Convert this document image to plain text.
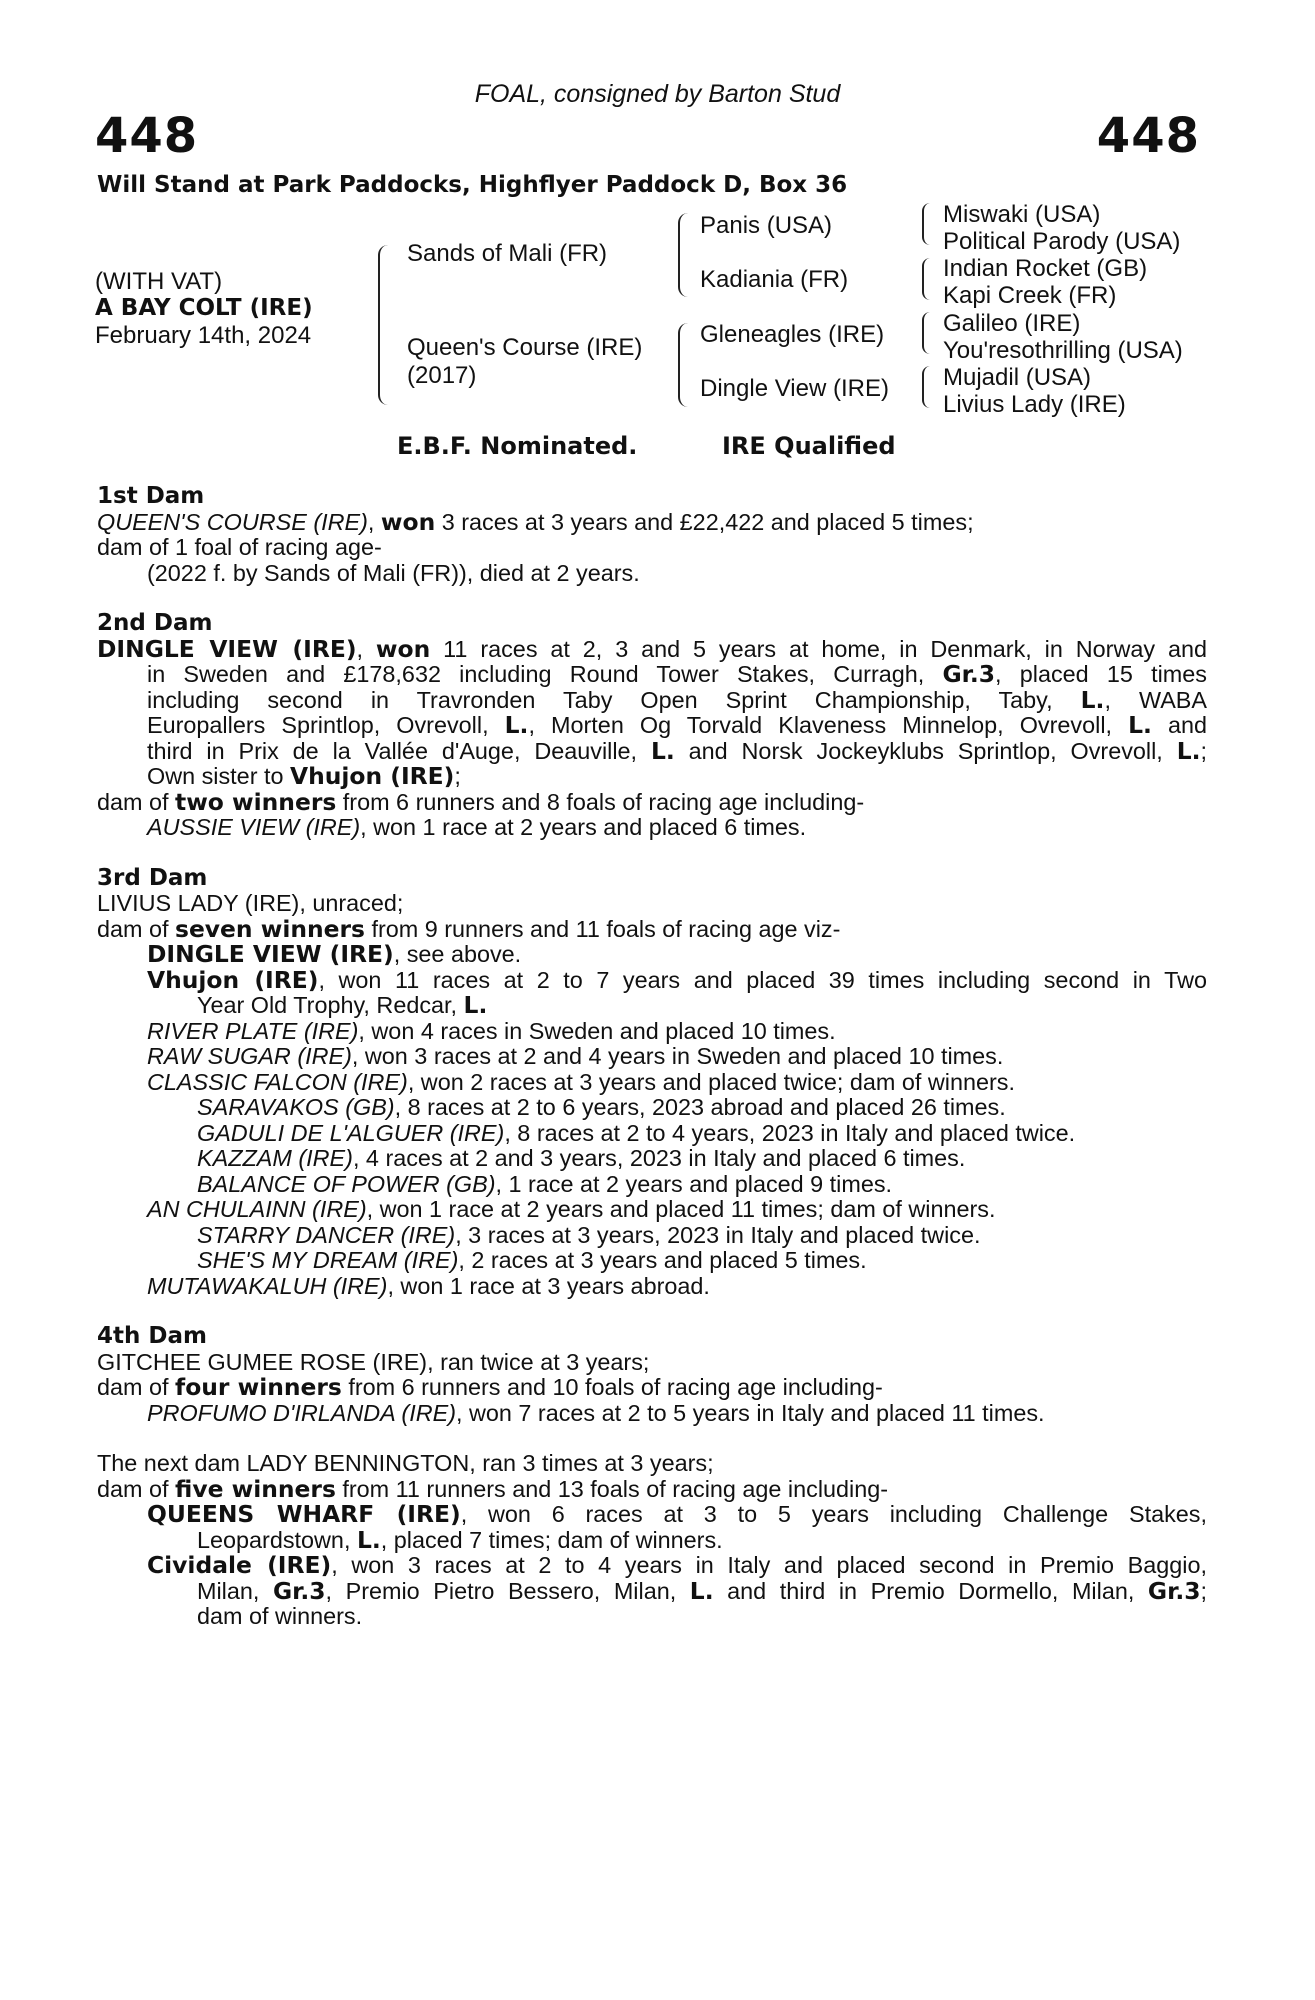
FOAL, consigned by Barton Stud
448	448
Will Stand at Park Paddocks, Highflyer Paddock D, Box 36
(WITH VAT)
A BAY COLT (IRE)
February 14th, 2024
Sands of Mali (FR)
Queen's Course (IRE)
(2017)
Panis (USA)
Kadiania (FR)
Gleneagles (IRE)
Dingle View (IRE)
Miswaki (USA)
Political Parody (USA)
Indian Rocket (GB)
Kapi Creek (FR)
Galileo (IRE)
You'resothrilling (USA)
Mujadil (USA)
Livius Lady (IRE)
E.B.F. Nominated.	IRE Qualified
1st Dam
QUEEN'S COURSE (IRE), won 3 races at 3 years and £22,422 and placed 5 times;
dam of 1 foal of racing age-
(2022 f. by Sands of Mali (FR)), died at 2 years.
2nd Dam
DINGLE VIEW (IRE), won 11 races at 2, 3 and 5 years at home, in Denmark, in Norway and
in Sweden and £178,632 including Round Tower Stakes, Curragh, Gr.3, placed 15 times
including second in Travronden Taby Open Sprint Championship, Taby, L., WABA
Europallers Sprintlop, Ovrevoll, L., Morten Og Torvald Klaveness Minnelop, Ovrevoll, L. and
third in Prix de la Vallée d'Auge, Deauville, L. and Norsk Jockeyklubs Sprintlop, Ovrevoll, L.;
Own sister to Vhujon (IRE);
dam of two winners from 6 runners and 8 foals of racing age including-
AUSSIE VIEW (IRE), won 1 race at 2 years and placed 6 times.
3rd Dam
LIVIUS LADY (IRE), unraced;
dam of seven winners from 9 runners and 11 foals of racing age viz-
DINGLE VIEW (IRE), see above.
Vhujon (IRE), won 11 races at 2 to 7 years and placed 39 times including second in Two
Year Old Trophy, Redcar, L.
RIVER PLATE (IRE), won 4 races in Sweden and placed 10 times.
RAW SUGAR (IRE), won 3 races at 2 and 4 years in Sweden and placed 10 times.
CLASSIC FALCON (IRE), won 2 races at 3 years and placed twice; dam of winners.
SARAVAKOS (GB), 8 races at 2 to 6 years, 2023 abroad and placed 26 times.
GADULI DE L'ALGUER (IRE), 8 races at 2 to 4 years, 2023 in Italy and placed twice.
KAZZAM (IRE), 4 races at 2 and 3 years, 2023 in Italy and placed 6 times.
BALANCE OF POWER (GB), 1 race at 2 years and placed 9 times.
AN CHULAINN (IRE), won 1 race at 2 years and placed 11 times; dam of winners.
STARRY DANCER (IRE), 3 races at 3 years, 2023 in Italy and placed twice.
SHE'S MY DREAM (IRE), 2 races at 3 years and placed 5 times.
MUTAWAKALUH (IRE), won 1 race at 3 years abroad.
4th Dam
GITCHEE GUMEE ROSE (IRE), ran twice at 3 years;
dam of four winners from 6 runners and 10 foals of racing age including-
PROFUMO D'IRLANDA (IRE), won 7 races at 2 to 5 years in Italy and placed 11 times.
The next dam LADY BENNINGTON, ran 3 times at 3 years;
dam of five winners from 11 runners and 13 foals of racing age including-
QUEENS WHARF (IRE), won 6 races at 3 to 5 years including Challenge Stakes,
Leopardstown, L., placed 7 times; dam of winners.
Cividale (IRE), won 3 races at 2 to 4 years in Italy and placed second in Premio Baggio,
Milan, Gr.3, Premio Pietro Bessero, Milan, L. and third in Premio Dormello, Milan, Gr.3;
dam of winners.
